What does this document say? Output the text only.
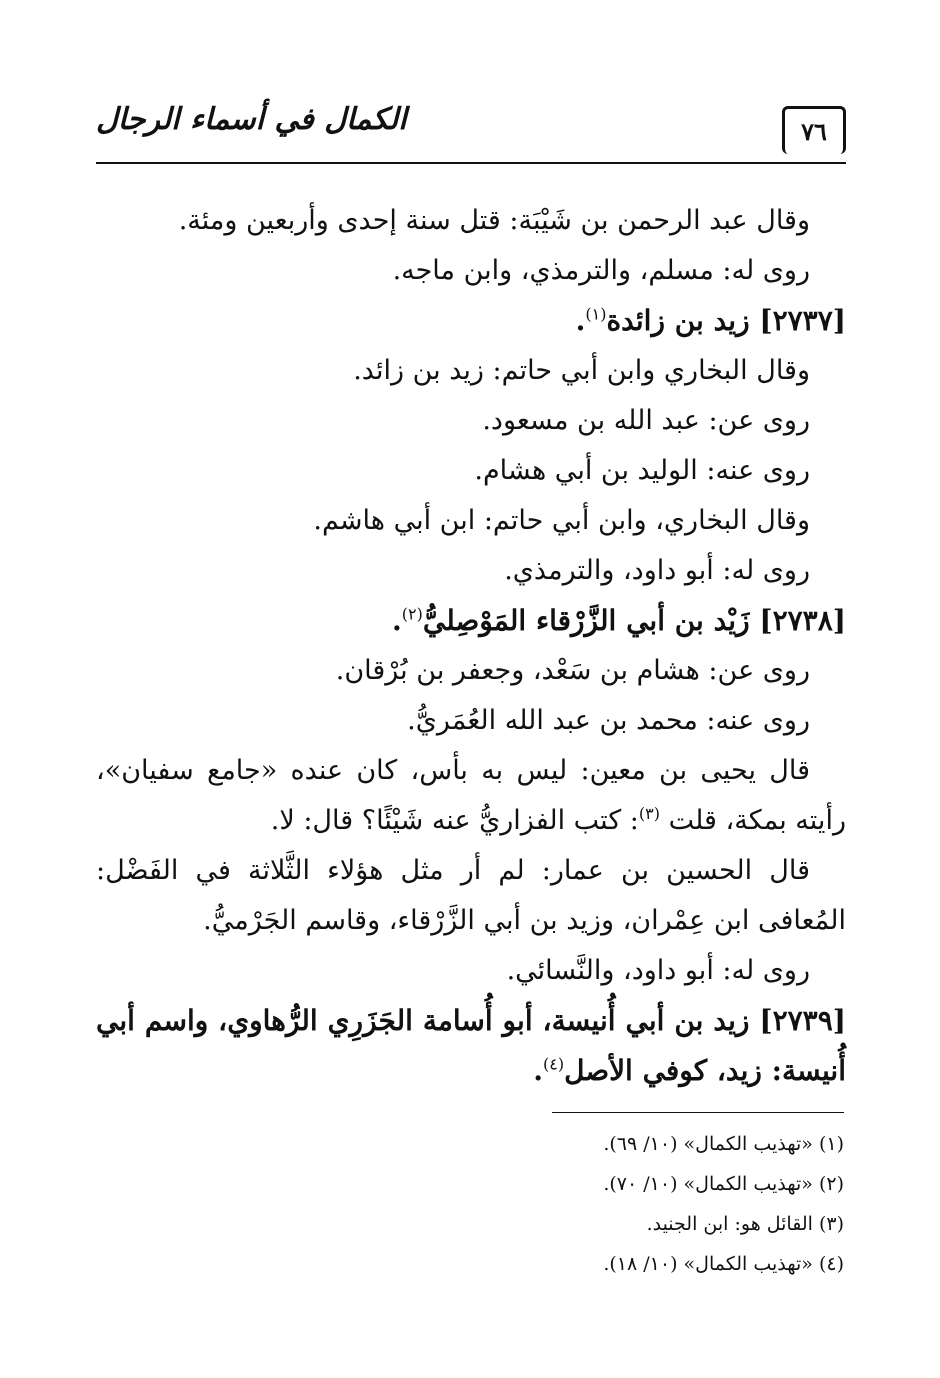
٧٦
الكمال في أسماء الرجال

وقال عبد الرحمن بن شَيْبَة: قتل سنة إحدى وأربعين ومئة.

روى له: مسلم، والترمذي، وابن ماجه.

[٢٧٣٧] زيد بن زائدة$^{(١)}$.

وقال البخاري وابن أبي حاتم: زيد بن زائد.

روى عن: عبد الله بن مسعود.

روى عنه: الوليد بن أبي هشام.

وقال البخاري، وابن أبي حاتم: ابن أبي هاشم.

روى له: أبو داود، والترمذي.

[٢٧٣٨] زَيْد بن أبي الزَّرْقاء المَوْصِليُّ$^{(٢)}$.

روى عن: هشام بن سَعْد، وجعفر بن بُرْقان.

روى عنه: محمد بن عبد الله العُمَريُّ.

قال يحيى بن معين: ليس به بأس، كان عنده «جامع سفيان»، رأيته بمكة، قلت $^{(٣)}$: كتب الفزاريُّ عنه شَيْئًا؟ قال: لا.

قال الحسين بن عمار: لم أر مثل هؤلاء الثَّلاثة في الفَضْل: المُعافى ابن عِمْران، وزيد بن أبي الزَّرْقاء، وقاسم الجَرْميُّ.

روى له: أبو داود، والنَّسائي.

[٢٧٣٩] زيد بن أبي أُنيسة، أبو أُسامة الجَزَرِي الرُّهاوي، واسم أبي أُنيسة: زيد، كوفي الأصل$^{(٤)}$.

(١) «تهذيب الكمال» (١٠/ ٦٩).

(٢) «تهذيب الكمال» (١٠/ ٧٠).

(٣) القائل هو: ابن الجنيد.

(٤) «تهذيب الكمال» (١٠/ ١٨).
